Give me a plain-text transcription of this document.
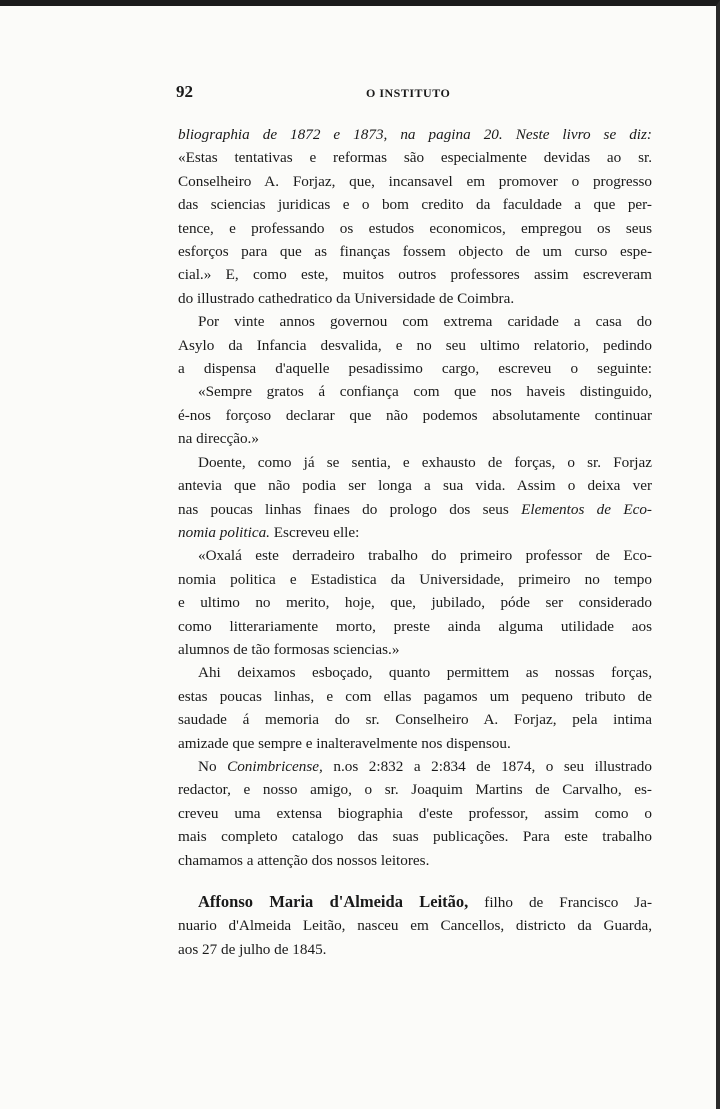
92	O INSTITUTO
bliographia de 1872 e 1873, na pagina 20. Neste livro se diz:
«Estas tentativas e reformas são especialmente devidas ao sr.
Conselheiro A. Forjaz, que, incansavel em promover o progresso
das sciencias juridicas e o bom credito da faculdade a que per-
tence, e professando os estudos economicos, empregou os seus
esforços para que as finanças fossem objecto de um curso espe-
cial.» E, como este, muitos outros professores assim escreveram
do illustrado cathedratico da Universidade de Coimbra.
Por vinte annos governou com extrema caridade a casa do
Asylo da Infancia desvalida, e no seu ultimo relatorio, pedindo
a dispensa d'aquelle pesadissimo cargo, escreveu o seguinte:
«Sempre gratos á confiança com que nos haveis distinguido,
é-nos forçoso declarar que não podemos absolutamente continuar
na direcção.»
Doente, como já se sentia, e exhausto de forças, o sr. Forjaz
antevia que não podia ser longa a sua vida. Assim o deixa ver
nas poucas linhas finaes do prologo dos seus Elementos de Eco-
nomia politica. Escreveu elle:
«Oxalá este derradeiro trabalho do primeiro professor de Eco-
nomia politica e Estadistica da Universidade, primeiro no tempo
e ultimo no merito, hoje, que, jubilado, póde ser considerado
como litterariamente morto, preste ainda alguma utilidade aos
alumnos de tão formosas sciencias.»
Ahi deixamos esboçado, quanto permittem as nossas forças,
estas poucas linhas, e com ellas pagamos um pequeno tributo de
saudade á memoria do sr. Conselheiro A. Forjaz, pela intima
amizade que sempre e inalteravelmente nos dispensou.
No Conimbricense, n.os 2:832 a 2:834 de 1874, o seu illustrado
redactor, e nosso amigo, o sr. Joaquim Martins de Carvalho, es-
creveu uma extensa biographia d'este professor, assim como o
mais completo catalogo das suas publicações. Para este trabalho
chamamos a attenção dos nossos leitores.
Affonso Maria d'Almeida Leitão, filho de Francisco Ja-
nuario d'Almeida Leitão, nasceu em Cancellos, districto da Guarda,
aos 27 de julho de 1845.
